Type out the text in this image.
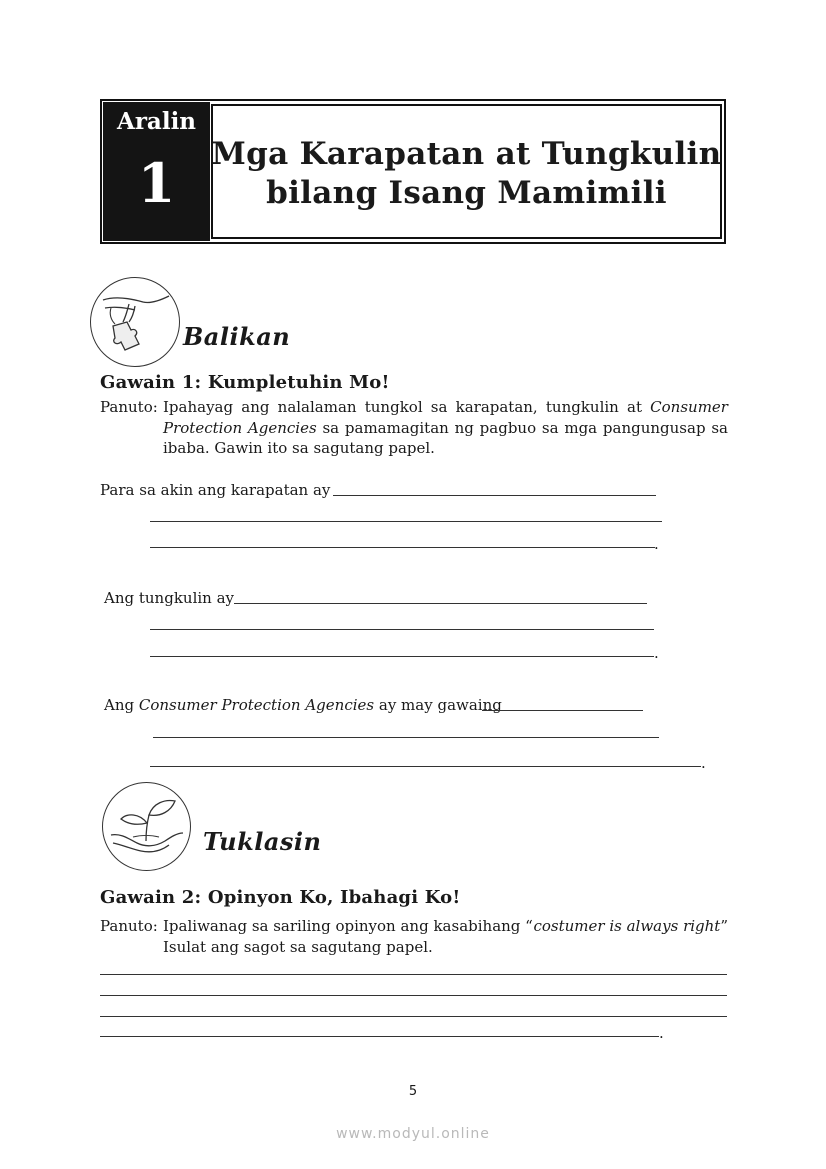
Aralin
1	Mga Karapatan at Tungkulin
bilang Isang Mamimili
Balikan
Gawain 1: Kumpletuhin Mo!
Panuto: Ipahayag ang nalalaman tungkol sa karapatan, tungkulin at Consumer Protection Agencies sa pamamagitan ng pagbuo sa mga pangungusap sa ibaba. Gawin ito sa sagutang papel.
Para sa akin ang karapatan ay
.
Ang tungkulin ay
.
Ang Consumer Protection Agencies ay may gawaing
.
Tuklasin
Gawain 2: Opinyon Ko, Ibahagi Ko!
Panuto: Ipaliwanag sa sariling opinyon ang kasabihang “ costumer is always right”
Isulat ang sagot sa sagutang papel.
.
5
www.modyul.online
